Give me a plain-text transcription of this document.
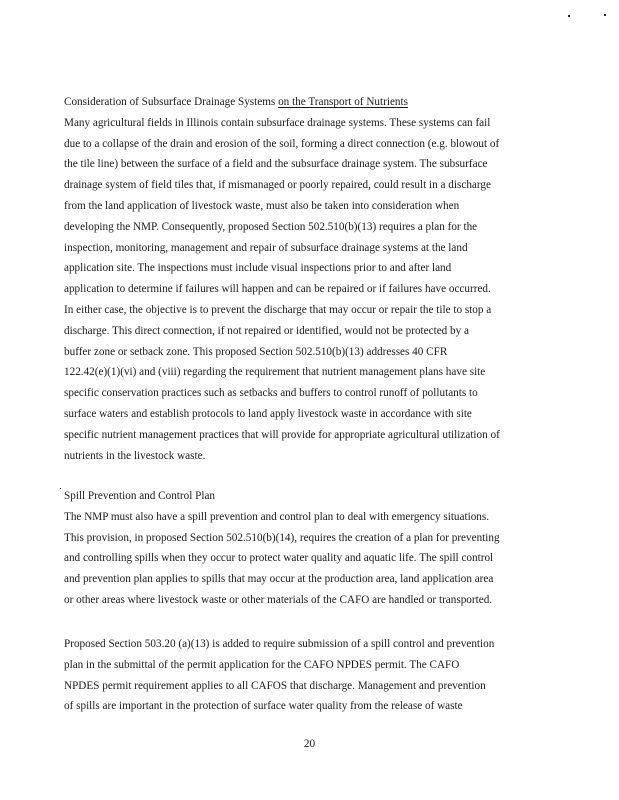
Consideration of Subsurface Drainage Systems on the Transport of Nutrients
Many agricultural fields in Illinois contain subsurface drainage systems. These systems can fail
due to a collapse of the drain and erosion of the soil, forming a direct connection (e.g. blowout of
the tile line) between the surface of a field and the subsurface drainage system. The subsurface
drainage system of field tiles that, if mismanaged or poorly repaired, could result in a discharge
from the land application of livestock waste, must also be taken into consideration when
developing the NMP. Consequently, proposed Section 502.510(b)(13) requires a plan for the
inspection, monitoring, management and repair of subsurface drainage systems at the land
application site. The inspections must include visual inspections prior to and after land
application to determine if failures will happen and can be repaired or if failures have occurred.
In either case, the objective is to prevent the discharge that may occur or repair the tile to stop a
discharge. This direct connection, if not repaired or identified, would not be protected by a
buffer zone or setback zone. This proposed Section 502.510(b)(13) addresses 40 CFR
122.42(e)(1)(vi) and (viii) regarding the requirement that nutrient management plans have site
specific conservation practices such as setbacks and buffers to control runoff of pollutants to
surface waters and establish protocols to land apply livestock waste in accordance with site
specific nutrient management practices that will provide for appropriate agricultural utilization of
nutrients in the livestock waste.
Spill Prevention and Control Plan
The NMP must also have a spill prevention and control plan to deal with emergency situations.
This provision, in proposed Section 502.510(b)(14), requires the creation of a plan for preventing
and controlling spills when they occur to protect water quality and aquatic life. The spill control
and prevention plan applies to spills that may occur at the production area, land application area
or other areas where livestock waste or other materials of the CAFO are handled or transported.
Proposed Section 503.20 (a)(13) is added to require submission of a spill control and prevention
plan in the submittal of the permit application for the CAFO NPDES permit. The CAFO
NPDES permit requirement applies to all CAFOS that discharge. Management and prevention
of spills are important in the protection of surface water quality from the release of waste
20
